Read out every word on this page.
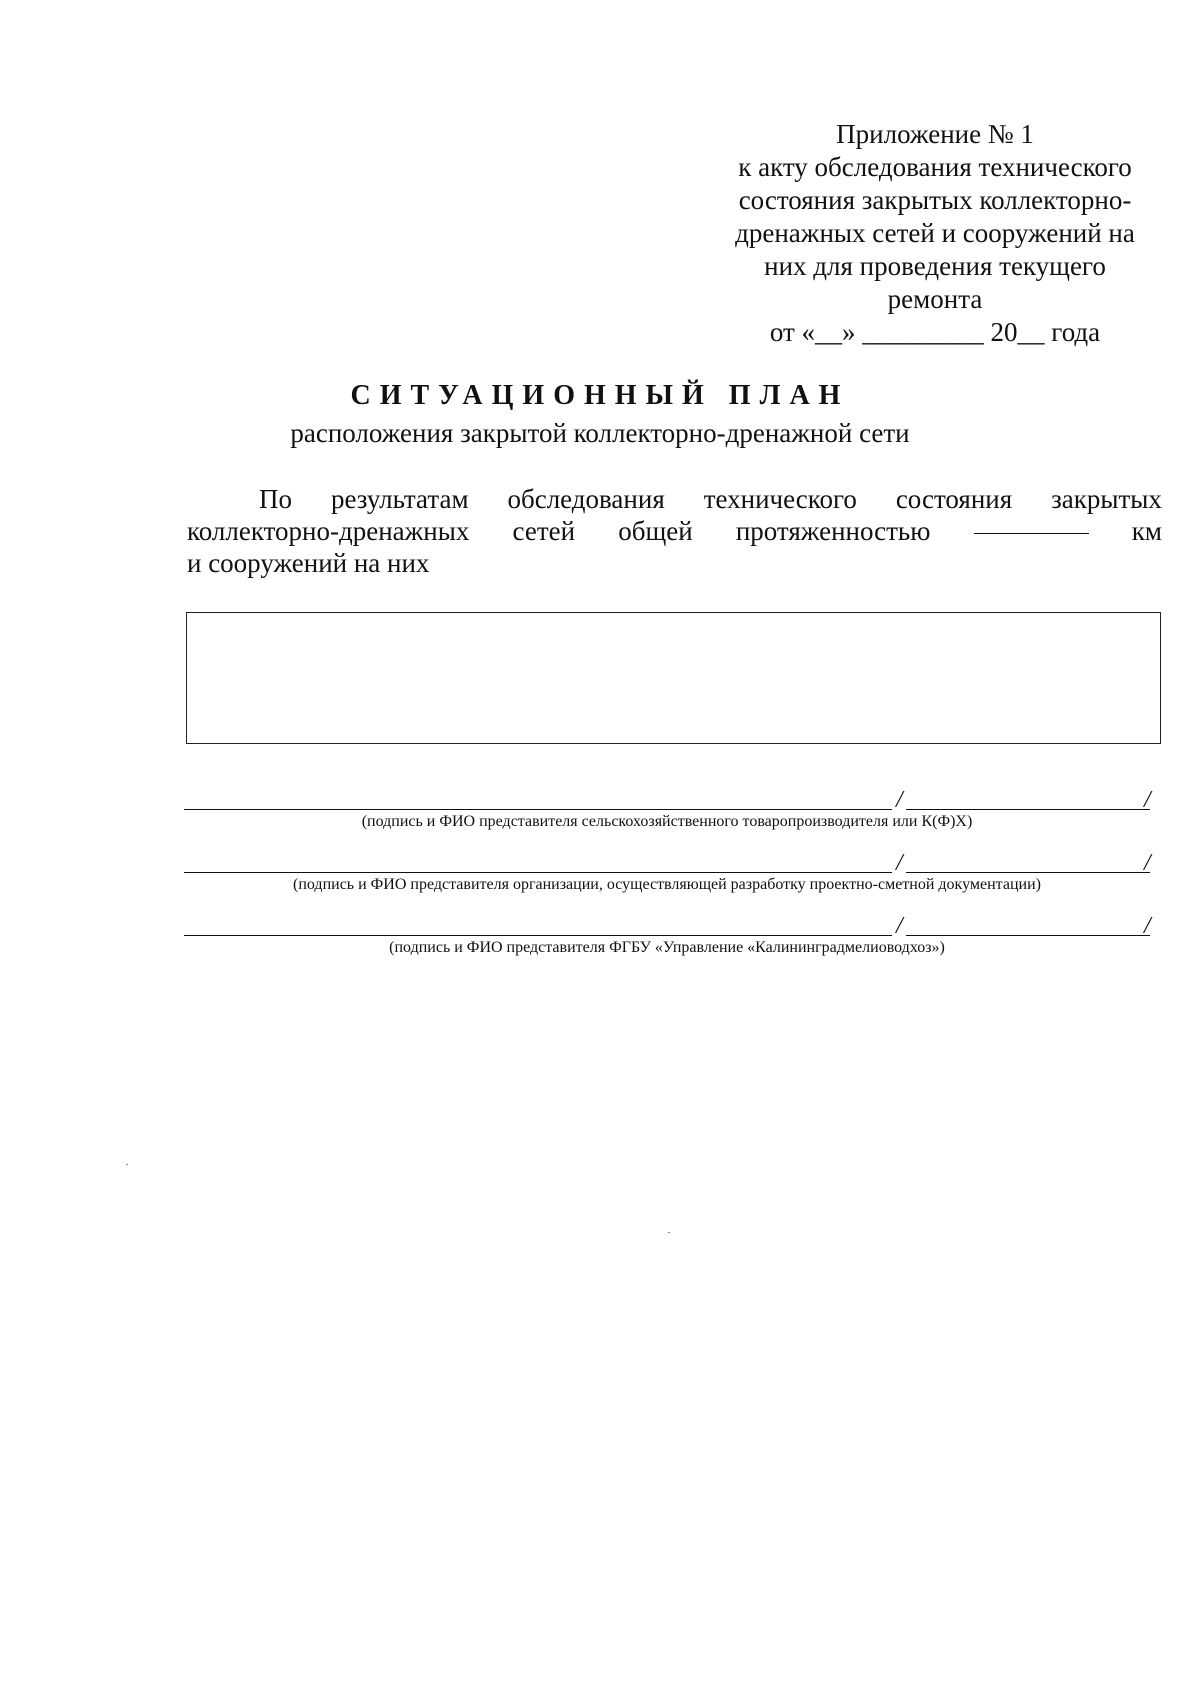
Приложение № 1
к акту обследования технического
состояния закрытых коллекторно-
дренажных сетей и сооружений на
них для проведения текущего
ремонта
от «__» _________ 20__ года
СИТУАЦИОННЫЙ ПЛАН
расположения закрытой коллекторно-дренажной сети
По результатам обследования технического состояния закрытых
коллекторно-дренажных сетей общей протяженностью	км
и сооружений на них
/	/
(подпись и ФИО представителя сельскохозяйственного товаропроизводителя или К(Ф)Х)
/	/
(подпись и ФИО представителя организации, осуществляющей разработку проектно-сметной документации)
/	/
(подпись и ФИО представителя ФГБУ «Управление «Калининградмелиоводхоз»)
